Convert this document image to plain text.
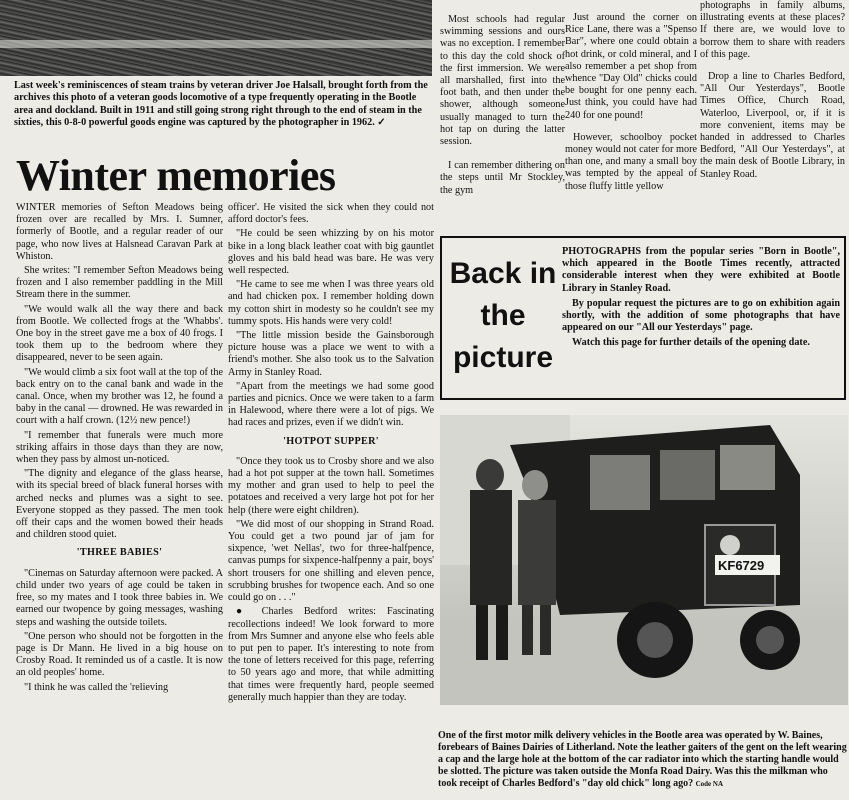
Last week's reminiscences of steam trains by veteran driver Joe Halsall, brought forth from the archives this photo of a veteran goods locomotive of a type frequently operating in the Bootle area and dockland. Built in 1911 and still going strong right through to the end of steam in the sixties, this 0-8-0 powerful goods engine was captured by the photographer in 1962. ✓
Winter memories

WINTER memories of Sefton Meadows being frozen over are recalled by Mrs. I. Sumner, formerly of Bootle, and a regular reader of our page, who now lives at Halsnead Caravan Park at Whiston.

She writes: "I remember Sefton Meadows being frozen and I also remember paddling in the Mill Stream there in the summer.

"We would walk all the way there and back from Bootle. We collected frogs at the 'Whabbs'. One boy in the street gave me a box of 40 frogs. I took them up to the bedroom where they disappeared, never to be seen again.

"We would climb a six foot wall at the top of the back entry on to the canal bank and wade in the canal. Once, when my brother was 12, he found a baby in the canal — drowned. He was rewarded in court with a half crown. (12½ new pence!)

"I remember that funerals were much more striking affairs in those days than they are now, when they pass by almost un-noticed.

"The dignity and elegance of the glass hearse, with its special breed of black funeral horses with arched necks and plumes was a sight to see. Everyone stopped as they passed. The men took off their caps and the women bowed their heads and children stood quiet.

'THREE BABIES'

"Cinemas on Saturday afternoon were packed. A child under two years of age could be taken in free, so my mates and I took three babies in. We earned our twopence by going messages, washing steps and washing the outside toilets.

"One person who should not be forgotten in the page is Dr Mann. He lived in a big house on Crosby Road. It reminded us of a castle. It is now an old peoples' home.

"I think he was called the 'relieving

officer'. He visited the sick when they could not afford doctor's fees.

"He could be seen whizzing by on his motor bike in a long black leather coat with big gauntlet gloves and his bald head was bare. He was very well respected.

"He came to see me when I was three years old and had chicken pox. I remember holding down my cotton shirt in modesty so he couldn't see my tummy spots. His hands were very cold!

"The little mission beside the Gainsborough picture house was a place we went to with a friend's mother. She also took us to the Salvation Army in Stanley Road.

"Apart from the meetings we had some good parties and picnics. Once we were taken to a farm in Halewood, where there were a lot of pigs. We had races and prizes, even if we didn't win.

'HOTPOT SUPPER'

"Once they took us to Crosby shore and we also had a hot pot supper at the town hall. Sometimes my mother and gran used to help to peel the potatoes and received a very large hot pot for her help (there were eight children).

"We did most of our shopping in Strand Road. You could get a two pound jar of jam for sixpence, 'wet Nellas', two for three-halfpence, canvas pumps for sixpence-halfpenny a pair, boys' short trousers for one shilling and eleven pence, scrubbing brushes for twopence each. And so one could go on . . ."

● Charles Bedford writes: Fascinating recollections indeed! We look forward to more from Mrs Sumner and anyone else who feels able to put pen to paper. It's interesting to note from the tone of letters received for this page, referring to 50 years ago and more, that while admitting that times were frequently hard, people seemed generally much happier than they are today.

Most schools had regular swimming sessions and ours was no exception. I remember to this day the cold shock of the first immersion. We were all marshalled, first into the foot bath, and then under the shower, although someone usually managed to turn the hot tap on during the latter session.

I can remember dithering on the steps until Mr Stockley, the gym

Just around the corner on Rice Lane, there was a "Spenso Bar", where one could obtain a hot drink, or cold mineral, and I also remember a pet shop from whence "Day Old" chicks could be bought for one penny each. Just think, you could have had 240 for one pound!

However, schoolboy pocket money would not cater for more than one, and many a small boy was tempted by the appeal of those fluffy little yellow

photographs in family albums, illustrating events at these places? If there are, we would love to borrow them to share with readers of this page.

Drop a line to Charles Bedford, "All Our Yesterdays", Bootle Times Office, Church Road, Waterloo, Liverpool, or, if it is more convenient, items may be handed in addressed to Charles Bedford, "All Our Yesterdays", at the main desk of Bootle Library, in Stanley Road.

Back in the picture

PHOTOGRAPHS from the popular series "Born in Bootle", which appeared in the Bootle Times recently, attracted considerable interest when they were exhibited at Bootle Library in Stanley Road.

By popular request the pictures are to go on exhibition again shortly, with the addition of some photographs that have appeared on our "All our Yesterdays" page.

Watch this page for further details of the opening date.

KF6729
One of the first motor milk delivery vehicles in the Bootle area was operated by W. Baines, forebears of Baines Dairies of Litherland. Note the leather gaiters of the gent on the left wearing a cap and the large hole at the bottom of the car radiator into which the starting handle would be slotted. The picture was taken outside the Monfa Road Dairy. Was this the milkman who took receipt of Charles Bedford's "day old chick" long ago? Code NA
